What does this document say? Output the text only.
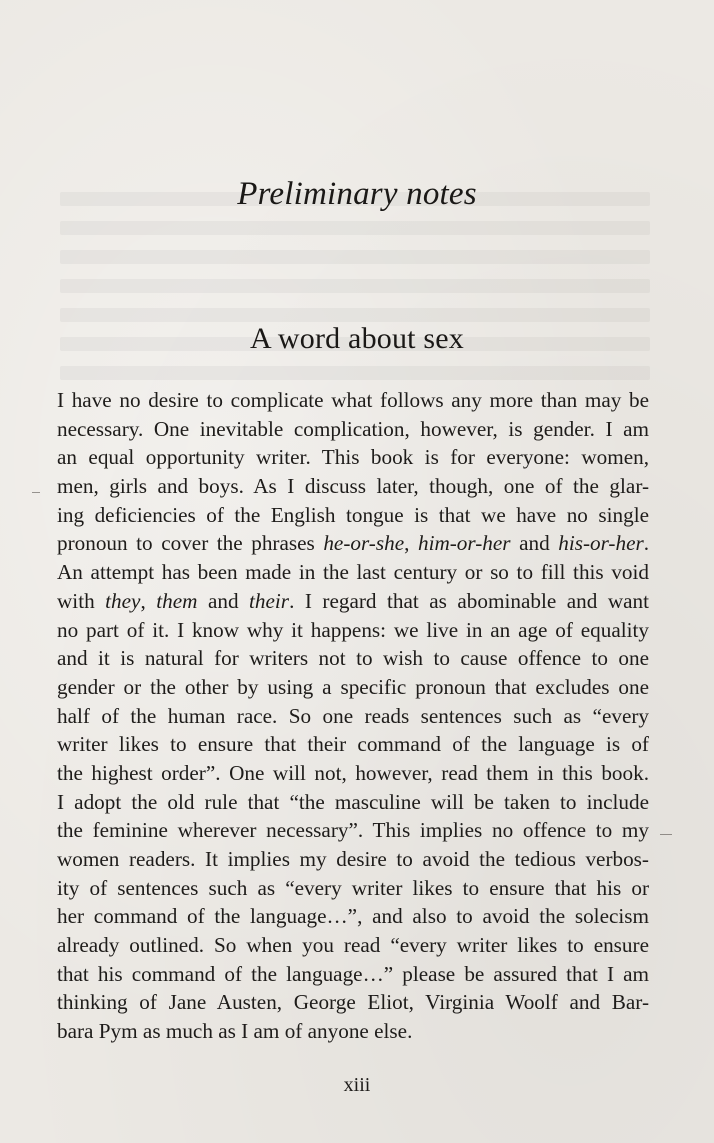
Preliminary notes
A word about sex
I have no desire to complicate what follows any more than may be
necessary. One inevitable complication, however, is gender. I am
an equal opportunity writer. This book is for everyone: women,
men, girls and boys. As I discuss later, though, one of the glar-
ing deficiencies of the English tongue is that we have no single
pronoun to cover the phrases he-or-she, him-or-her and his-or-her.
An attempt has been made in the last century or so to fill this void
with they, them and their. I regard that as abominable and want
no part of it. I know why it happens: we live in an age of equality
and it is natural for writers not to wish to cause offence to one
gender or the other by using a specific pronoun that excludes one
half of the human race. So one reads sentences such as “every
writer likes to ensure that their command of the language is of
the highest order”. One will not, however, read them in this book.
I adopt the old rule that “the masculine will be taken to include
the feminine wherever necessary”. This implies no offence to my
women readers. It implies my desire to avoid the tedious verbos-
ity of sentences such as “every writer likes to ensure that his or
her command of the language…”, and also to avoid the solecism
already outlined. So when you read “every writer likes to ensure
that his command of the language…” please be assured that I am
thinking of Jane Austen, George Eliot, Virginia Woolf and Bar-
bara Pym as much as I am of anyone else.

xiii
